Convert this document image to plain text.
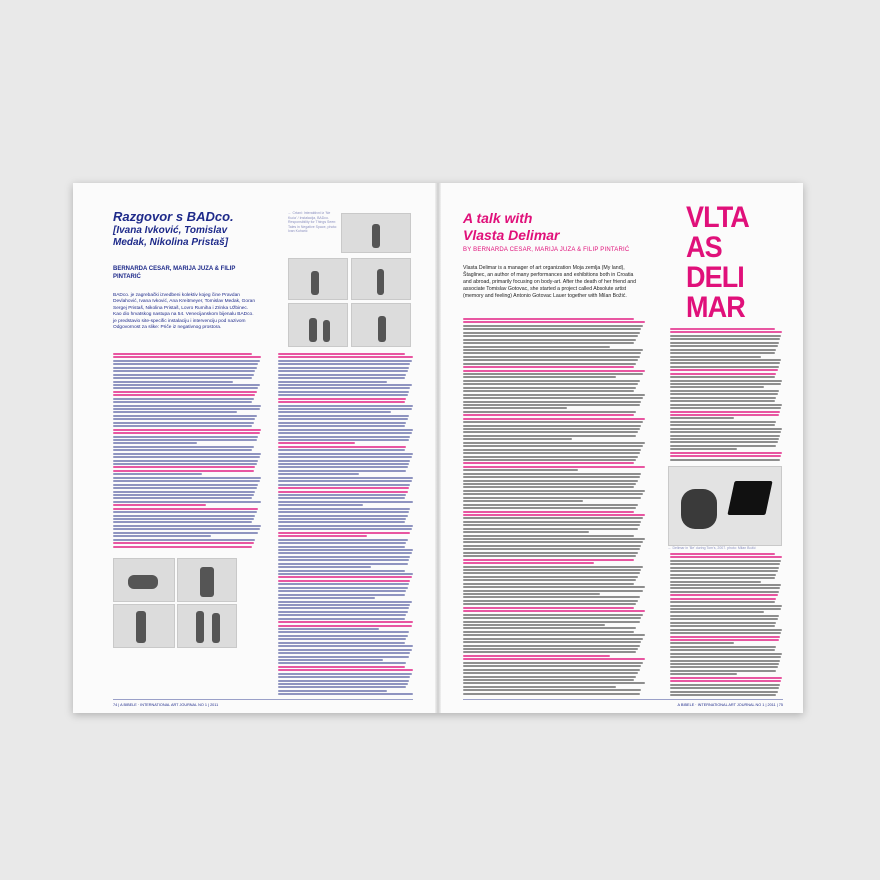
Razgovor s BADco.
[Ivana Ivković, Tomislav Medak, Nikolina Pristaš]
BERNARDA CESAR, MARIJA JUZA & FILIP PINTARIĆ
BADco. je zagrebački izvedbeni kolektiv kojeg čine Pravdan Devlahović, Ivana Ivković, Ana Kreitmeyer, Tomislav Medak, Goran Sergej Pristaš, Nikolina Pristaš, Lovro Rumiha i Zrinka Užbinec. Kao dio hrvatskog nastupa na 54. Venecijanskom bijenalu BADco. je predstavio site-specific instalaciju i intervenciju pod nazivom Odgovornost za slike: Priče iz negativnog prostora.
← Crtani: Interaktivni iz 'Ne Kuća' / Instalacija, BADco. Responsibility for Things Seen: Tales in Negative Space, photo: Ivan Kuharić
74 | A BIBELE · INTERNATIONAL ART JOURNAL NO 1 | 2011
A talk with
Vlasta Delimar
BY BERNARDA CESAR, MARIJA JUZA & FILIP PINTARIĆ
Vlasta Delimar is a manager of art organization Moja zemlja (My land), Štaglinec, an author of many performances and exhibitions both in Croatia and abroad, primarily focusing on body-art. After the death of her friend and associate Tomislav Gotovac, she started a project called Absolute artist (memory and feeling) Antonio Gotovac Lauer together with Milan Božić.
VLTA
AS
DELI
MAR
← Delimar in 'Be' during Tom's, 2007. photo: Milan Božić
A BIBELE · INTERNATIONAL ART JOURNAL NO 1 | 2011 | 75
